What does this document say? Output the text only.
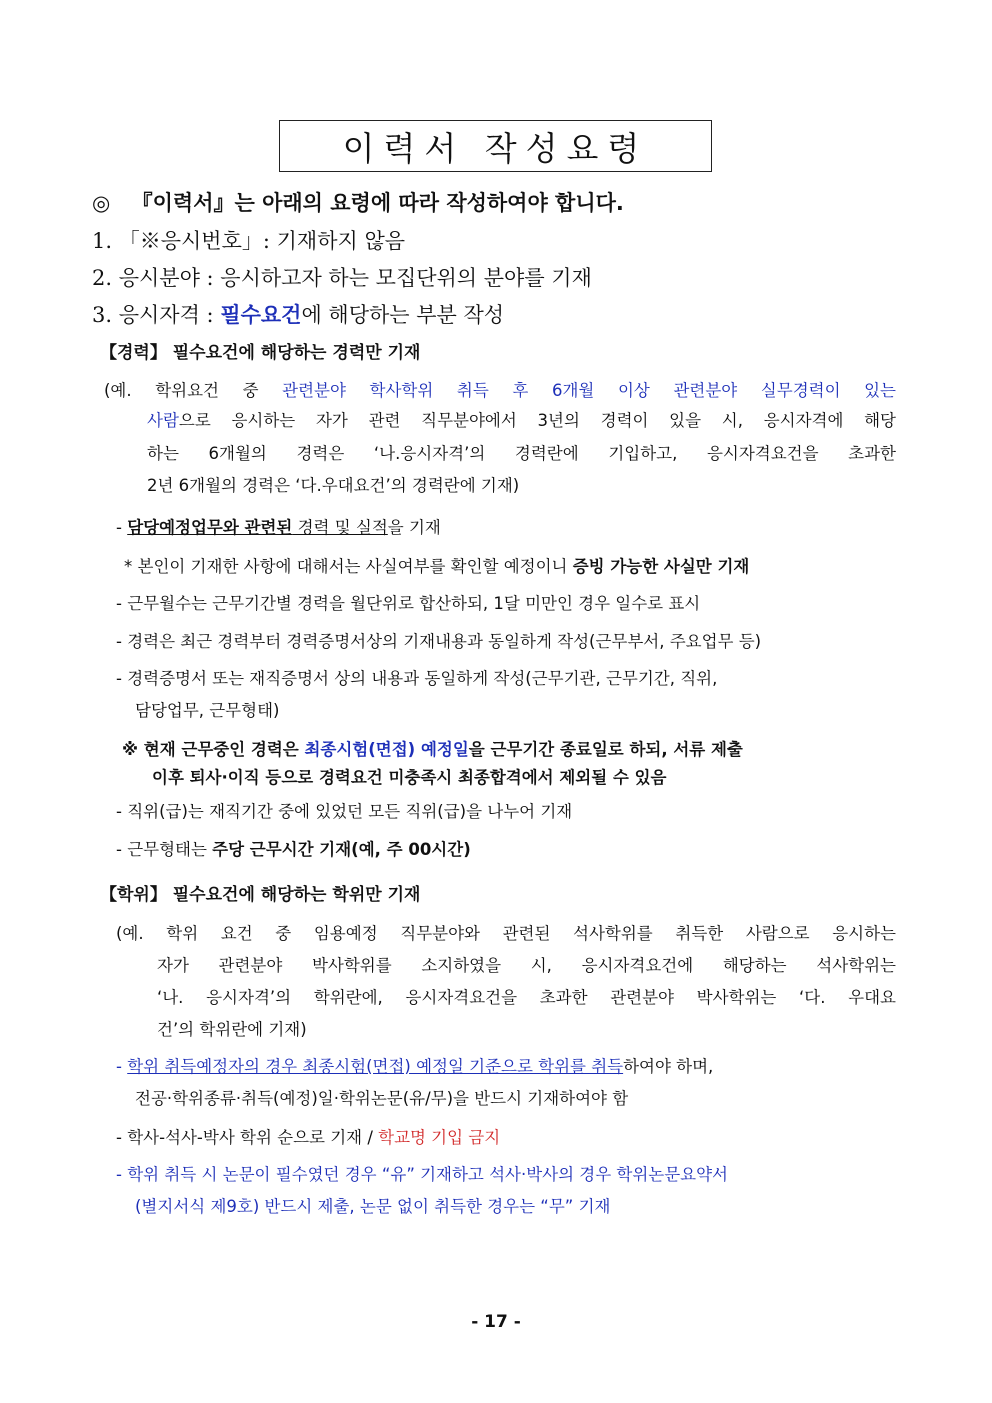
이력서 작성요령
◎ 『이력서』는 아래의 요령에 따라 작성하여야 합니다.
1. 「※응시번호」: 기재하지 않음
2. 응시분야 : 응시하고자 하는 모집단위의 분야를 기재
3. 응시자격 : 필수요건에 해당하는 부분 작성
【경력】 필수요건에 해당하는 경력만 기재
(예. 학위요건 중 관련분야 학사학위 취득 후 6개월 이상 관련분야 실무경력이 있는
사람으로 응시하는 자가 관련 직무분야에서 3년의 경력이 있을 시, 응시자격에 해당
하는 6개월의 경력은 ‘나.응시자격’의 경력란에 기입하고, 응시자격요건을 초과한
2년 6개월의 경력은 ‘다.우대요건’의 경력란에 기재)
- 담당예정업무와 관련된 경력 및 실적을 기재
* 본인이 기재한 사항에 대해서는 사실여부를 확인할 예정이니 증빙 가능한 사실만 기재
- 근무월수는 근무기간별 경력을 월단위로 합산하되, 1달 미만인 경우 일수로 표시
- 경력은 최근 경력부터 경력증명서상의 기재내용과 동일하게 작성(근무부서, 주요업무 등)
- 경력증명서 또는 재직증명서 상의 내용과 동일하게 작성(근무기관, 근무기간, 직위,
담당업무, 근무형태)
※ 현재 근무중인 경력은 최종시험(면접) 예정일을 근무기간 종료일로 하되, 서류 제출
이후 퇴사·이직 등으로 경력요건 미충족시 최종합격에서 제외될 수 있음
- 직위(급)는 재직기간 중에 있었던 모든 직위(급)을 나누어 기재
- 근무형태는 주당 근무시간 기재(예, 주 00시간)
【학위】 필수요건에 해당하는 학위만 기재
(예. 학위 요건 중 임용예정 직무분야와 관련된 석사학위를 취득한 사람으로 응시하는
자가 관련분야 박사학위를 소지하였을 시, 응시자격요건에 해당하는 석사학위는
‘나. 응시자격’의 학위란에, 응시자격요건을 초과한 관련분야 박사학위는 ‘다. 우대요
건’의 학위란에 기재)
- 학위 취득예정자의 경우 최종시험(면접) 예정일 기준으로 학위를 취득하여야 하며,
전공·학위종류·취득(예정)일·학위논문(유/무)을 반드시 기재하여야 함
- 학사-석사-박사 학위 순으로 기재 / 학교명 기입 금지
- 학위 취득 시 논문이 필수였던 경우 “유” 기재하고 석사·박사의 경우 학위논문요약서
(별지서식 제9호) 반드시 제출, 논문 없이 취득한 경우는 “무” 기재
- 17 -
